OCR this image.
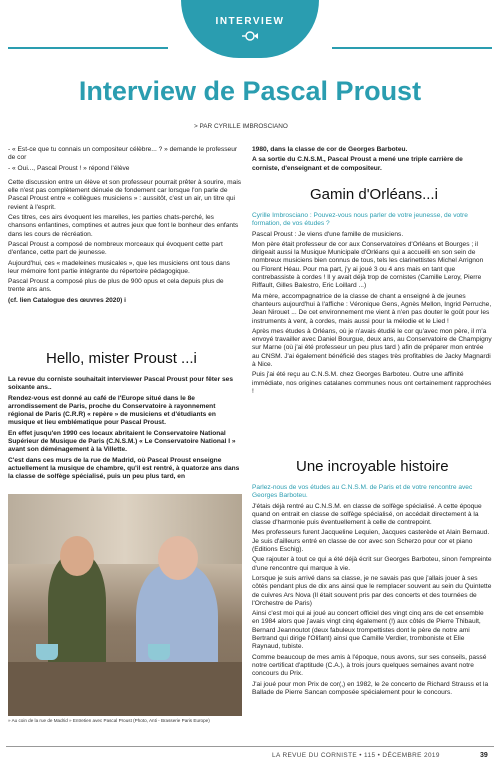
INTERVIEW
Interview de Pascal Proust
> PAR CYRILLE IMBROSCIANO

- « Est-ce que tu connais un compositeur célèbre... ? » demande le professeur de cor

- « Oui..., Pascal Proust ! » répond l'élève

Cette discussion entre un élève et son professeur pourrait prêter à sourire, mais elle n'est pas complètement dénuée de fondement car lorsque l'on parle de Pascal Proust entre « collègues musiciens » : aussitôt, c'est un air, un titre qui revient à l'esprit.

Ces titres, ces airs évoquent les marelles, les parties chats-perché, les chansons enfantines, comptines et autres jeux que font le bonheur des enfants dans les cours de récréation.

Pascal Proust a composé de nombreux morceaux qui évoquent cette part d'enfance, cette part de jeunesse.

Aujourd'hui, ces « madeleines musicales », que les musiciens ont tous dans leur mémoire font partie intégrante du répertoire pédagogique.

Pascal Proust a composé plus de plus de 900 opus et cela depuis plus de trente ans ans.

(cf. lien Catalogue des œuvres 2020) i

Hello, mister Proust ...i

La revue du corniste souhaitait interviewer Pascal Proust pour fêter ses soixante ans..

Rendez-vous est donné au café de l'Europe situé dans le 8e arrondissement de Paris, proche du Conservatoire à rayonnement régional de Paris (C.R.R) « repère » de musiciens et d'étudiants en musique et lieu emblématique pour Pascal Proust.

En effet jusqu'en 1990 ces locaux abritaient le Conservatoire National Supérieur de Musique de Paris (C.N.S.M.) « Le Conservatoire National I » avant son déménagement à la Villette.

C'est dans ces murs de la rue de Madrid, où Pascal Proust enseigne actuellement la musique de chambre, qu'il est rentré, à quatorze ans dans la classe de solfège spécialisé, puis un peu plus tard, en

» Au coin de la rue de Madrid » Entretien avec Pascal Proust (Photo, Anti - Brasserie Paris Europe)

1980, dans la classe de cor de Georges Barboteu.

A sa sortie du C.N.S.M., Pascal Proust a mené une triple carrière de corniste, d'enseignant et de compositeur.

Gamin d'Orléans...i

Cyrille Imbrosciano : Pouvez-vous nous parler de votre jeunesse, de votre formation, de vos études ?

Pascal Proust : Je viens d'une famille de musiciens.

Mon père était professeur de cor aux Conservatoires d'Orléans et Bourges ; il dirigeait aussi la Musique Municipale d'Orléans qui a accueilli en son sein de nombreux musiciens bien connus de tous, tels les clarinettistes Michel Arrignon ou Florent Héau. Pour ma part, j'y ai joué 3 ou 4 ans mais en tant que contrebassiste à cordes ! Il y avait déjà trop de cornistes (Camille Leroy, Pierre Riffault, Gilles Balestro, Eric Loillard ...)

Ma mère, accompagnatrice de la classe de chant a enseigné à de jeunes chanteurs aujourd'hui à l'affiche : Véronique Gens, Agnès Mellon, Ingrid Perruche, Jean Nirouet ... De cet environnement me vient à n'en pas douter le goût pour les instruments à vent, à cordes, mais aussi pour la mélodie et le Lied !

Après mes études à Orléans, où je n'avais étudié le cor qu'avec mon père, il m'a envoyé travailler avec Daniel Bourgue, deux ans, au Conservatoire de Champigny sur Marne (où j'ai été professeur un peu plus tard ) afin de préparer mon entrée au CNSM. J'ai également bénéficié des stages très profitables de Jacky Magnardi à Nice.

Puis j'ai été reçu au C.N.S.M. chez Georges Barboteu. Outre une affinité immédiate, nos origines catalanes communes nous ont certainement rapprochées !

Une incroyable histoire

Parlez-nous de vos études au C.N.S.M. de Paris et de votre rencontre avec Georges Barboteu.

J'étais déjà rentré au C.N.S.M. en classe de solfège spécialisé. A cette époque quand on entrait en classe de solfège spécialisé, on accédait directement à la classe d'harmonie puis éventuellement à celle de contrepoint.

Mes professeurs furent Jacqueline Lequien, Jacques casterède et Alain Bernaud. Je suis d'ailleurs entré en classe de cor avec son Scherzo pour cor et piano (Editions Eschig).

Que rajouter à tout ce qui a été déjà écrit sur Georges Barboteu, sinon l'empreinte d'une rencontre qui marque à vie.

Lorsque je suis arrivé dans sa classe, je ne savais pas que j'allais jouer à ses côtés pendant plus de dix ans ainsi que le remplacer souvent au sein du Quintette de cuivres Ars Nova (Il était souvent pris par des concerts et des tournées de l'Orchestre de Paris)

Ainsi c'est moi qui ai joué au concert officiel des vingt cinq ans de cet ensemble en 1984 alors que j'avais vingt cinq également (!) aux côtés de Pierre Thibault, Bernard Jeannoutot (deux fabuleux trompettistes dont le père de notre ami Bertrand qui dirige l'Olifant) ainsi que Camille Verdier, tromboniste et Elie Raynaud, tubiste.

Comme beaucoup de mes amis à l'époque, nous avons, sur ses conseils, passé notre certificat d'aptitude (C.A.), à trois jours quelques semaines avant notre concours du Prix.

J'ai joué pour mon Prix de cor(,) en 1982, le 2e concerto de Richard Strauss et la Ballade de Pierre Sancan composée spécialement pour le concours.

LA REVUE DU CORNISTE • 115 • DÉCEMBRE 2019	39
